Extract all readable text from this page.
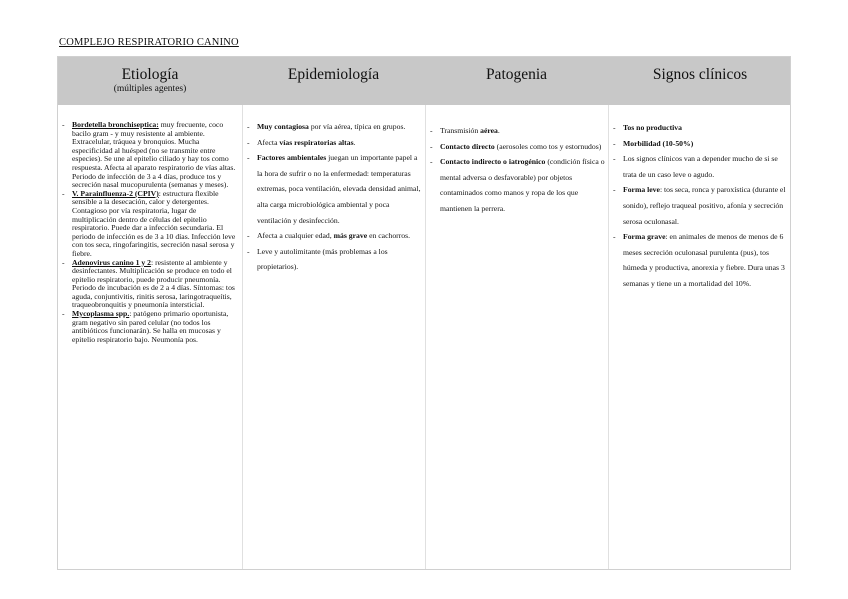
COMPLEJO RESPIRATORIO CANINO
Etiología
(múltiples agentes)
Epidemiología	Patogenia	Signos clínicos
- Bordetella bronchiseptica: muy frecuente, coco bacilo gram - y muy resistente al ambiente. Extracelular, tráquea y bronquios. Mucha especificidad al huésped (no se transmite entre especies). Se une al epitelio ciliado y hay tos como respuesta. Afecta al aparato respiratorio de vías altas. Periodo de infección de 3 a 4 días, produce tos y secreción nasal mucopurulenta (semanas y meses).
- V. Parainfluenza-2 (CPIV): estructura flexible sensible a la desecación, calor y detergentes. Contagioso por vía respiratoria, lugar de multiplicación dentro de células del epitelio respiratorio. Puede dar a infección secundaria. El periodo de infección es de 3 a 10 días. Infección leve con tos seca, ringofaringitis, secreción nasal serosa y fiebre.
- Adenovirus canino 1 y 2: resistente al ambiente y desinfectantes. Multiplicación se produce en todo el epitelio respiratorio, puede producir pneumonía. Periodo de incubación es de 2 a 4 días. Síntomas: tos aguda, conjuntivitis, rinitis serosa, laringotraqueítis, traqueobronquitis y pneumonía intersticial.
- Mycoplasma spp.: patógeno primario oportunista, gram negativo sin pared celular (no todos los antibióticos funcionarán). Se halla en mucosas y epitelio respiratorio bajo. Neumonía pos.
- Muy contagiosa por vía aérea, típica en grupos.
- Afecta vías respiratorias altas.
- Factores ambientales juegan un importante papel a la hora de sufrir o no la enfermedad: temperaturas extremas, poca ventilación, elevada densidad animal, alta carga microbiológica ambiental y poca ventilación y desinfección.
- Afecta a cualquier edad, más grave en cachorros.
- Leve y autolimitante (más problemas a los propietarios).
- Transmisión aérea.
- Contacto directo (aerosoles como tos y estornudos)
- Contacto indirecto o iatrogénico (condición física o mental adversa o desfavorable) por objetos contaminados como manos y ropa de los que mantienen la perrera.
- Tos no productiva
- Morbilidad (10-50%)
- Los signos clínicos van a depender mucho de si se trata de un caso leve o agudo.
- Forma leve: tos seca, ronca y paroxística (durante el sonido), reflejo traqueal positivo, afonía y secreción serosa oculonasal.
- Forma grave: en animales de menos de menos de 6 meses secreción oculonasal purulenta (pus), tos húmeda y productiva, anorexia y fiebre. Dura unas 3 semanas y tiene un a mortalidad del 10%.
